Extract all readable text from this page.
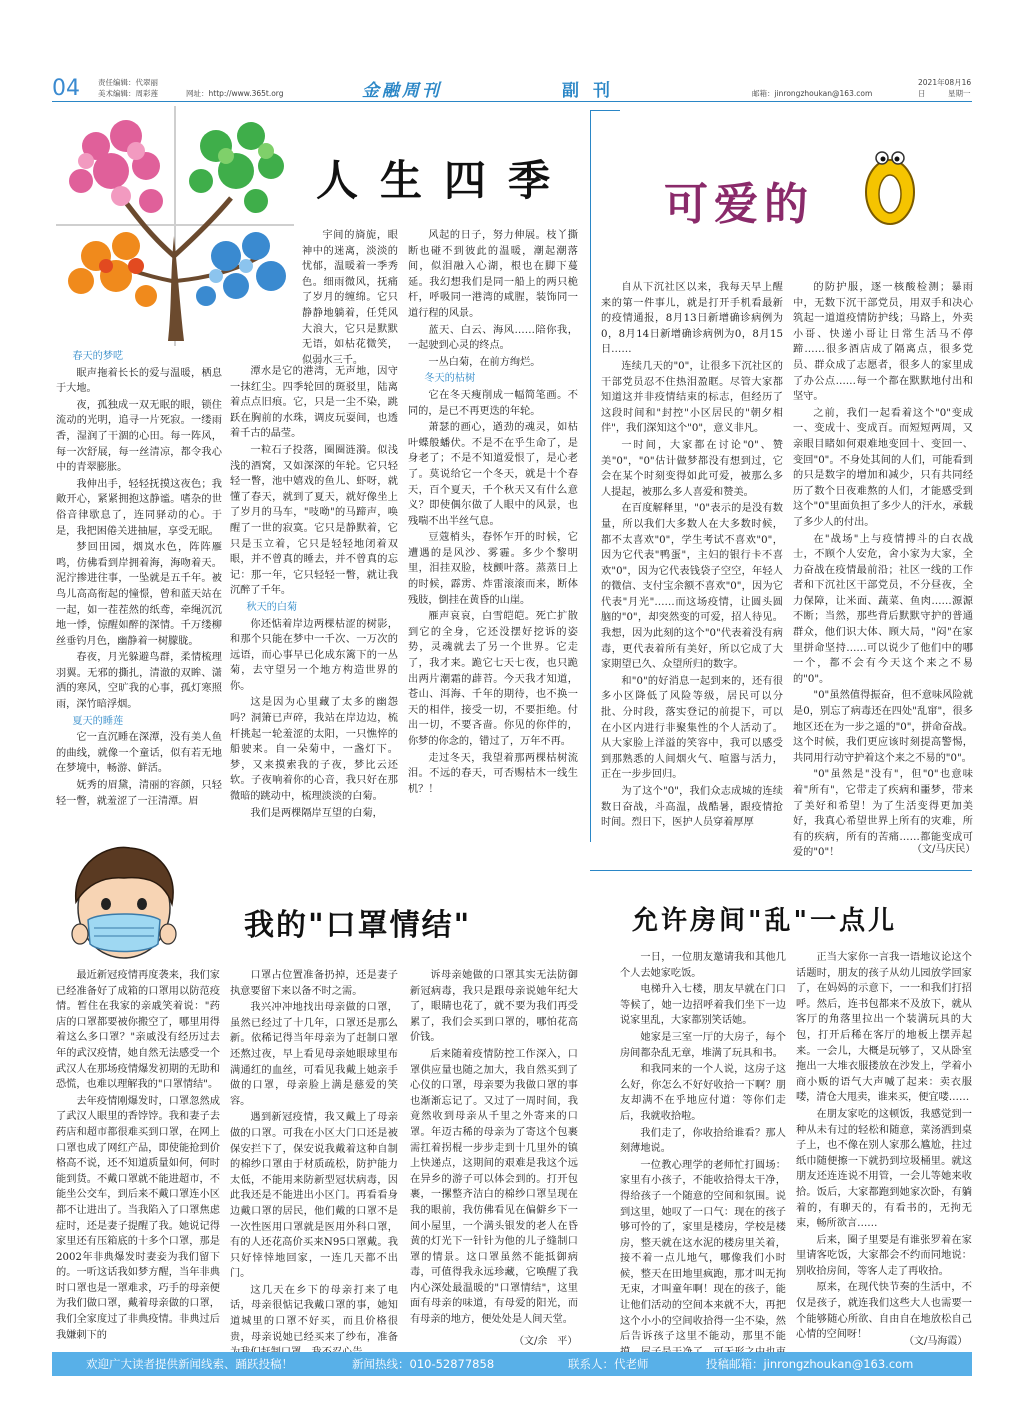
04 责任编辑：代翠丽
美术编辑：周彩莲	网址：http://www.365t.org	金融周刊	副刊	邮箱：jinrongzhoukan@163.com
2021年08月16日	星期一
人生四季

宇间的旖旎，眼神中的迷离，淡淡的忧郁，温暖着一季秀色。细雨微风，抚痛了岁月的缠绵。它只静静地躺着，任凭风大浪大，它只是默默无语，如枯花微笑，似弱水三千。

春天的梦呓

眠声拖着长长的爱与温暖，栖息于大地。

夜，孤独成一双无眠的眼，锁住流动的光明，追寻一片死寂。一缕雨香，湿润了干涸的心田。每一阵风，每一次舒展，每一丝清凉，都令我心中的青翠膨胀。

我伸出手，轻轻抚摸这夜色；我敞开心，紧紧拥抱这静谧。嗜杂的世俗音律歇息了，连同驿动的心。于是，我把困倦关进抽屉，享受无眠。

梦回田园，烟岚水色，阵阵雁鸣，仿佛看到岸拥着海，海吻着天。泥泞掺进往事，一坠就是五千年。被鸟儿高高衔起的憧憬，曾和蓝天站在一起，如一茬茬然的纸鸢，牵绳沉沉地一悸，惊醒如醉的深情。千万缕柳丝垂钓月色，幽静着一树朦胧。

春夜，月光躲避鸟群，柔情梳理羽翼。无邪的撕扎，清澈的双眸、潇洒的寒风，空旷我的心事，孤灯寒照雨，深竹暗浮烟。

夏天的睡莲

它一直沉睡在深潭，没有美人鱼的曲线，就像一个童话，似有若无地在梦境中，畅游、鲜活。

妩秀的眉黛，清丽的容颜，只轻轻一瞥，就羞涩了一汪清潭。眉

潭水是它的港湾，无声地，因守一抹红尘。四季轮回的斑驳里，陆离着点点旧痕。它，只是一尘不染，跳跃在胸前的水珠，调皮玩耍间，也透着千古的晶莹。

一粒石子投落，圈圈涟漪。似浅浅的酒窝，又如深深的年轮。它只轻轻一瞥，池中嬉戏的鱼儿、虾呀，就懂了春天，就到了夏天，就好像坐上了岁月的马车，"吱呦"的马蹄声，唤醒了一世的寂寞。它只是静默着，它只是玉立着，它只是轻轻地闭着双眼，并不曾真的睡去，并不曾真的忘记：那一年，它只轻轻一瞥，就让我沉醉了千年。

秋天的白菊

你还惦着岸边两棵枯涩的树影，和那个只能在梦中一千次、一万次的远语，而心事早已化成东篱下的一丛菊，去守望另一个地方构造世界的你。

这是因为心里藏了太多的幽怨吗？洞箫已声碎，我站在岸边边，梳杆挑起一轮羞涩的太阳，一只憔悴的船驶来。自一朵菊中，一盏灯下。梦，又来摸索我的子夜，梦比云还软。子夜响着你的心音，我只好在那微暗的跳动中，梳理淡淡的白菊。

我们是两棵隔岸互望的白菊，

风起的日子，努力伸展。枝丫撕断也碰不到彼此的温暖，潮起潮落间，似泪融入心湖，根也在脚下蔓延。我幻想我们是同一船上的两只桅杆，呼吸同一港湾的咸腥，装饰同一道行程的风景。

蓝天、白云、海风……陪你我，一起驶到心灵的终点。

一丛白菊，在前方绚烂。

冬天的枯树

它在冬天瘦削成一幅简笔画。不同的，是已不再更迭的年轮。

萧瑟的画心，遒劲的魂灵，如枯叶蝶般蟠伏。不是不在乎生命了，是身老了；不是不知道爱恨了，是心老了。莫说给它一个冬天，就是十个春天，百个夏天，千个秋天又有什么意义？即使偶尔做了人眼中的风景，也残喘不出半丝气息。

豆蔻梢头，春怀乍开的时候，它遭遇的是风沙、雾霾。多少个黎明里，泪挂双脸，枝颤叶落。蒸蒸日上的时候，霹雳、炸雷滚滚而来，断体残肢，倒挂在黄昏的山崖。

雁声哀哀，白雪皑皑。死亡扩散到它的全身，它还没摆好挖诉的姿势，灵魂就去了另一个世界。它走了，我才来。跪它七天七夜，也只跪出两片潮霜的薜苔。今天我才知道，苍山、洱海、千年的期待，也不换一天的相伴，接受一切，不要拒绝。付出一切，不要吝啬。你见的你伴的，你梦的你念的，错过了，万年不再。

走过冬天，我望着那两棵枯树流泪。不远的春天，可否赐枯木一线生机？！

可爱的	0

自从下沉社区以来，我每天早上醒来的第一件事儿，就是打开手机看最新的疫情通报，8月13日新增确诊病例为0，8月14日新增确诊病例为0，8月15日……

连续几天的"0"，让很多下沉社区的干部党员忍不住热泪盈眶。尽管大家都知道这并非疫情结束的标志，但经历了这段时间和"封控"小区居民的"朝夕相伴"，我们深知这个"0"，意义非凡。

一时间，大家都在讨论"0"、赞美"0"，"0"估计做梦都没有想到过，它会在某个时刻变得如此可爱，被那么多人提起，被那么多人喜爱和赞美。

在百度解释里，"0"表示的是没有数量，所以我们大多数人在大多数时候，都不太喜欢"0"，学生考试不喜欢"0"，因为它代表"鸭蛋"，主妇的银行卡不喜欢"0"，因为它代表钱袋子空空，年轻人的微信、支付宝余额不喜欢"0"，因为它代表"月光"……而这场疫情，让圆头圆脑的"0"，却突然变的可爱，招人待见。我想，因为此刻的这个"0"代表着没有病毒，更代表着所有美好，所以它成了大家期望已久、众望所归的数字。

和"0"的好消息一起到来的，还有很多小区降低了风险等级，居民可以分批、分时段，落实登记的前提下，可以在小区内进行非聚集性的个人活动了。从大家脸上洋溢的笑容中，我可以感受到那熟悉的人间烟火气、喧嚣与活力，正在一步步回归。

为了这个"0"，我们众志成城的连续数日奋战，斗高温，战酷暑，跟疫情抢时间。烈日下，医护人员穿着厚厚

的防护服，逐一核酸检测；暴雨中，无数下沉干部党员，用双手和决心筑起一道道疫情防护线；马路上，外卖小哥、快递小哥让日常生活马不停蹄……很多酒店成了隔离点，很多党员、群众成了志愿者，很多人的家里成了办公点……每一个都在默默地付出和坚守。

之前，我们一起看着这个"0"变成一、变成十、变成百。而短短两周，又亲眼目睹如何艰难地变回十、变回一、变回"0"。不身处其间的人们，可能看到的只是数字的增加和减少，只有共同经历了数个日夜难熬的人们，才能感受到这个"0"里面负担了多少人的汗水，承载了多少人的付出。

在"战场"上与疫情搏斗的白衣战士，不顾个人安危，舍小家为大家，全力奋战在疫情最前沿；社区一线的工作者和下沉社区干部党员，不分昼夜，全力保障，让米面、蔬菜、鱼肉……源源不断；当然，那些背后默默守护的普通群众，他们识大体、顾大局，"闷"在家里拼命坚持……可以说少了他们中的哪一个，都不会有今天这个来之不易的"0"。

"0"虽然值得振奋，但不意味风险就是0，别忘了病毒还在四处"乱窜"，很多地区还在为一步之遥的"0"，拼命奋战。这个时候，我们更应该时刻提高警惕，共同用行动守护着这个来之不易的"0"。

"0"虽然是"没有"，但"0"也意味着"所有"，它带走了疾病和噩梦，带来了美好和希望！为了生活变得更加美好，我真心希望世界上所有的灾难，所有的疾病，所有的苦痛……都能变成可爱的"0"！	（文/马庆民）
我的"口罩情结"

最近新冠疫情再度袭来，我们家已经准备好了成箱的口罩用以防范疫情。暂住在我家的亲戚笑着说："药店的口罩都要被你搬空了，哪里用得着这么多口罩？"亲戚没有经历过去年的武汉疫情，她自然无法感受一个武汉人在那场疫情爆发初期的无助和恐慌，也难以理解我的"口罩情结"。

去年疫情刚爆发时，口罩忽然成了武汉人眼里的香饽饽。我和妻子去药店和超市都很难买到口罩，在网上口罩也成了网红产品，即使能抢到价格高不说，还不知道质量如何，何时能到货。不戴口罩就不能进超市，不能坐公交车，到后来不戴口罩连小区都不让进出了。当我陷入了口罩焦虑症时，还是妻子提醒了我。她说记得家里还有压箱底的十多个口罩，那是2002年非典爆发时妻妾为我们留下的。一听这话我如梦方醒，当年非典时口罩也是一罩难求，巧手的母亲便为我们做口罩，戴着母亲做的口罩，我们全家度过了非典疫情。非典过后我嫌刺下的

口罩占位置准备扔掉，还是妻子执意要留下来以备不时之需。

我兴冲冲地找出母亲做的口罩，虽然已经过了十几年，口罩还是那么新。依稀记得当年母亲为了赶制口罩还熬过夜，早上看见母亲她眼球里布满通红的血丝，可看见我戴上她亲手做的口罩，母亲脸上满是慈爱的笑容。

遇到新冠疫情，我又戴上了母亲做的口罩。可我在小区大门口还是被保安拦下了，保安说我戴着这种自制的棉纱口罩由于材质疏松，防护能力太低，不能用来防新型冠状病毒，因此我还是不能进出小区门。再看看身边戴口罩的居民，他们戴的口罩不是一次性医用口罩就是医用外科口罩，有的人还花高价买来N95口罩戴。我只好悻悻地回家，一连几天都不出门。

这几天在乡下的母亲打来了电话，母亲很惦记我戴口罩的事，她知道城里的口罩不好买，而且价格很贵，母亲说她已经买来了纱布，准备

诉母亲她做的口罩其实无法防御新冠病毒，我只是跟母亲说她年纪大了，眼睛也花了，就不要为我们再受累了，我们会买到口罩的，哪怕花高价钱。

后来随着疫情防控工作深入，口罩供应量也随之加大，我自然买到了心仪的口罩，母亲要为我做口罩的事也渐渐忘记了。又过了一周时间，我竟然收到母亲从千里之外寄来的口罩。年迈古稀的母亲为了寄这个包裹需扛着拐棍一步步走到十几里外的镇上快递点，这期间的艰难是我这个远在异乡的游子可以体会到的。打开包裹，一摞整齐洁白的棉纱口罩呈现在我的眼前，我仿佛看见在偏僻乡下一间小屋里，一个满头银发的老人在昏黄的灯光下一针针为他的儿子缝制口罩的情景。这口罩虽然不能抵御病毒，可值得我永远珍藏，它唤醒了我内心深处最温暖的"口罩情结"，这里面有母亲的味道，有母爱的阳光，而有母亲的地方，便处处是人间天堂。

（文/余　平）
允许房间"乱"一点儿

一日，一位朋友邀请我和其他几个人去她家吃饭。

电梯升入七楼，朋友早就在门口等候了，她一边招呼着我们坐下一边说家里乱，大家都别笑话她。

她家是三室一厅的大房子，每个房间都杂乱无章，堆满了玩具和书。

和我同来的一个人说，这房子这么好，你怎么不好好收拾一下啊？朋友却满不在乎地应付道：等你们走后，我就收拾啦。

我们走了，你收拾给谁看？那人刻薄地说。

一位教心理学的老师忙打圆场：家里有小孩子，不能收拾得太干净，得给孩子一个随意的空间和氛围。说到这里，她叹了一口气：现在的孩子够可怜的了，家里是楼房，学校是楼房，整天就在这水泥的楼房里关着，接不着一点儿地气，哪像我们小时候，整天在田地里疯跑，那才叫无拘无束，才叫童年啊！现在的孩子，能让他们活动的空间本来就不大，再把这个小小的空间收拾得一尘不染，然后告诉孩子这里不能动，那里不能

正当大家你一言我一语地议论这个话题时，朋友的孩子从幼儿园放学回家了，在妈妈的示意下，一一和我们打招呼。然后，连书包都来不及放下，就从客厅的角落里拉出一个装满玩具的大包，打开后稀在客厅的地板上摆弄起来。一会儿，大概是玩够了，又从卧室拖出一大堆衣服搂放在沙发上，学着小商小贩的语气大声喊了起来：卖衣服喽，清仓大甩卖，谁来买，便宜喽……

在朋友家吃的这顿饭，我感觉到一种从未有过的轻松和随意，菜汤洒到桌子上，也不像在别人家那么尴尬，拄过纸巾随便擦一下就扔到垃圾桶里。就这朋友还连连说不用管，一会儿等她来收拾。饭后，大家都跑到她家次卧，有躺着的，有聊天的，有看书的，无拘无束，畅所欲言……

后来，圈子里要是有谁张罗着在家里请客吃饭，大家都会不约而同地说：别收拾房间，等客人走了再收拾。

原来，在现代快节奏的生活中，不仅是孩子，就连我们这些大人也需要一个能够随心所欲、自由自在地放松自己心情的空间呀！

（文/马海霞）
欢迎广大读者提供新闻线索、踊跃投稿！	新闻热线：010-52877858	联系人：代老师	投稿邮箱：jinrongzhoukan@163.com
